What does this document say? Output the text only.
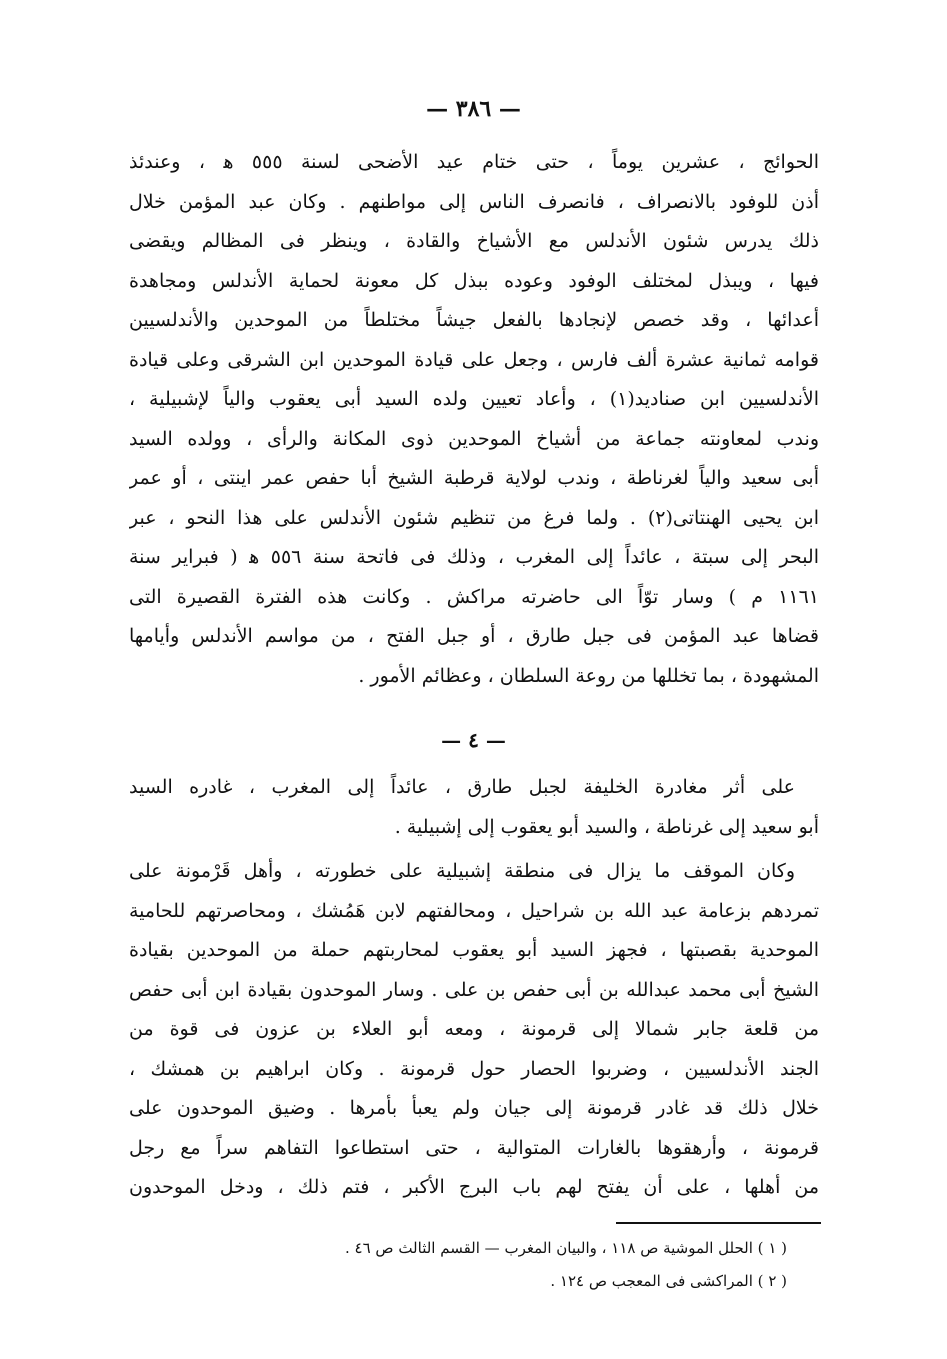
— ٣٨٦ —
الحوائج ، عشرين يوماً ، حتى ختام عيد الأضحى لسنة ٥٥٥ ﻫ ، وعندئذ
أذن للوفود بالانصراف ، فانصرف الناس إلى مواطنهم . وكان عبد المؤمن خلال
ذلك يدرس شئون الأندلس مع الأشياخ والقادة ، وينظر فى المظالم ويقضى
فيها ، ويبذل لمختلف الوفود وعوده ببذل كل معونة لحماية الأندلس ومجاهدة
أعدائها ، وقد خصص لإنجادها بالفعل جيشاً مختلطاً من الموحدين والأندلسيين
قوامه ثمانية عشرة ألف فارس ، وجعل على قيادة الموحدين ابن الشرقى وعلى قيادة
الأندلسيين ابن صناديد(١) ، وأعاد تعيين ولده السيد أبى يعقوب والياً لإشبيلية ،
وندب لمعاونته جماعة من أشياخ الموحدين ذوى المكانة والرأى ، وولده السيد
أبى سعيد والياً لغرناطة ، وندب لولاية قرطبة الشيخ أبا حفص عمر اينتى ، أو عمر
ابن يحيى الهنتاتى(٢) . ولما فرغ من تنظيم شئون الأندلس على هذا النحو ، عبر
البحر إلى سبتة ، عائداً إلى المغرب ، وذلك فى فاتحة سنة ٥٥٦ ﻫ ( فبراير سنة
١١٦١ م ) وسار توّاً الى حاضرته مراكش . وكانت هذه الفترة القصيرة التى
قضاها عبد المؤمن فى جبل طارق ، أو جبل الفتح ، من مواسم الأندلس وأيامها
المشهودة ، بما تخللها من روعة السلطان ، وعظائم الأمور .
— ٤ —
على أثر مغادرة الخليفة لجبل طارق ، عائداً إلى المغرب ، غادره السيد
أبو سعيد إلى غرناطة ، والسيد أبو يعقوب إلى إشبيلية .
وكان الموقف ما يزال فى منطقة إشبيلية على خطورته ، وأهل قَرْمونة على
تمردهم بزعامة عبد الله بن شراحيل ، ومحالفتهم لابن هَمُشك ، ومحاصرتهم للحامية
الموحدية بقصبتها ، فجهز السيد أبو يعقوب لمحاربتهم حملة من الموحدين بقيادة
الشيخ أبى محمد عبدالله بن أبى حفص بن على . وسار الموحدون بقيادة ابن أبى حفص
من قلعة جابر شمالا إلى قرمونة ، ومعه أبو العلاء بن عزون فى قوة من
الجند الأندلسيين ، وضربوا الحصار حول قرمونة . وكان ابراهيم بن همشك ،
خلال ذلك قد غادر قرمونة إلى جيان ولم يعبأ بأمرها . وضيق الموحدون على
قرمونة ، وأرهقوها بالغارات المتوالية ، حتى استطاعوا التفاهم سراً مع رجل
من أهلها ، على أن يفتح لهم باب البرج الأكبر ، فتم ذلك ، ودخل الموحدون
( ١ ) الحلل الموشية ص ١١٨ ، والبيان المغرب — القسم الثالث ص ٤٦ .
( ٢ ) المراكشى فى المعجب ص ١٢٤ .
